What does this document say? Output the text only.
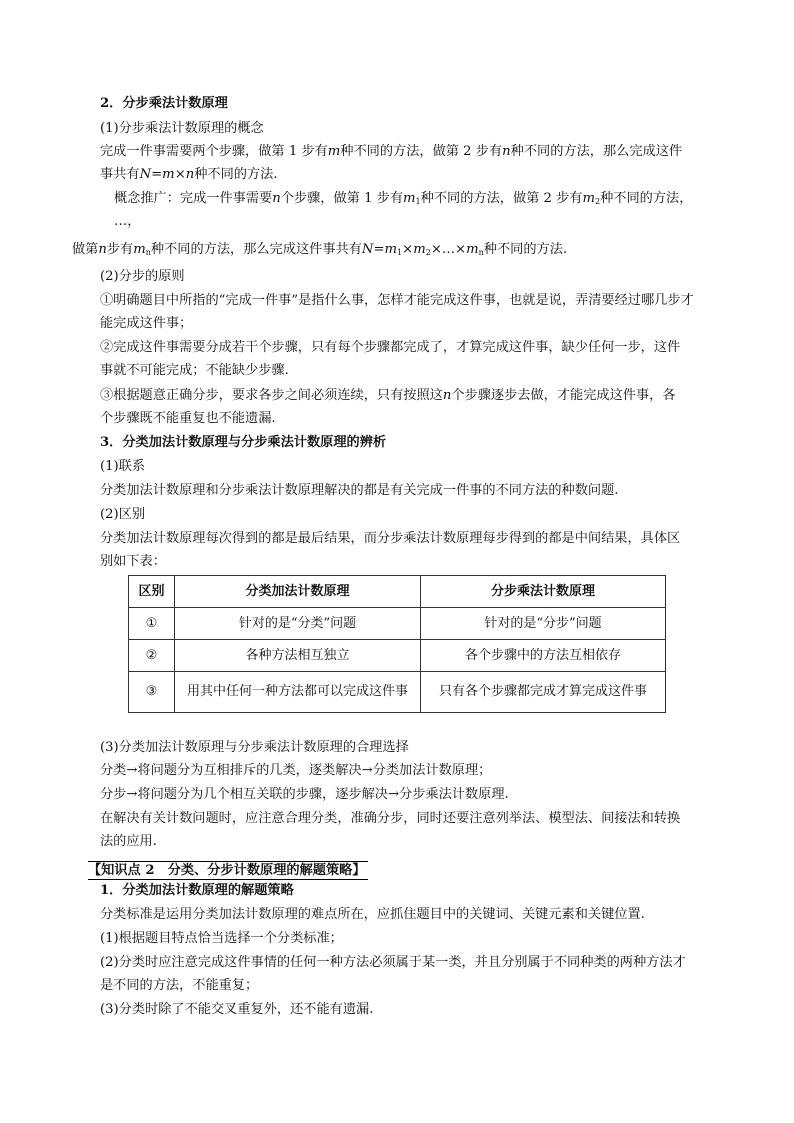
2．分步乘法计数原理
(1)分步乘法计数原理的概念
完成一件事需要两个步骤，做第 1 步有m种不同的方法，做第 2 步有n种不同的方法，那么完成这件
事共有N=m×n种不同的方法.
概念推广：完成一件事需要n个步骤，做第 1 步有$m_1$种不同的方法，做第 2 步有$m_2$种不同的方法，
…，
做第n步有$m_n$种不同的方法，那么完成这件事共有$N=m_1\times m_2\times\dots\times m_n$种不同的方法.
(2)分步的原则
①明确题目中所指的“完成一件事”是指什么事，怎样才能完成这件事，也就是说，弄清要经过哪几步才
能完成这件事；
②完成这件事需要分成若干个步骤，只有每个步骤都完成了，才算完成这件事，缺少任何一步，这件
事就不可能完成；不能缺少步骤.
③根据题意正确分步，要求各步之间必须连续，只有按照这n个步骤逐步去做，才能完成这件事，各
个步骤既不能重复也不能遗漏.
3．分类加法计数原理与分步乘法计数原理的辨析
(1)联系
分类加法计数原理和分步乘法计数原理解决的都是有关完成一件事的不同方法的种数问题.
(2)区别
分类加法计数原理每次得到的都是最后结果，而分步乘法计数原理每步得到的都是中间结果，具体区
别如下表：
区别	分类加法计数原理	分步乘法计数原理
①	针对的是“分类”问题	针对的是“分步”问题
②	各种方法相互独立	各个步骤中的方法互相依存
③	用其中任何一种方法都可以完成这件事	只有各个步骤都完成才算完成这件事
(3)分类加法计数原理与分步乘法计数原理的合理选择
分类→将问题分为互相排斥的几类，逐类解决→分类加法计数原理；
分步→将问题分为几个相互关联的步骤，逐步解决→分步乘法计数原理.
在解决有关计数问题时，应注意合理分类，准确分步，同时还要注意列举法、模型法、间接法和转换
法的应用.
【知识点 2　分类、分步计数原理的解题策略】
1．分类加法计数原理的解题策略
分类标准是运用分类加法计数原理的难点所在，应抓住题目中的关键词、关键元素和关键位置.
(1)根据题目特点恰当选择一个分类标准；
(2)分类时应注意完成这件事情的任何一种方法必须属于某一类，并且分别属于不同种类的两种方法才
是不同的方法，不能重复；
(3)分类时除了不能交叉重复外，还不能有遗漏.
